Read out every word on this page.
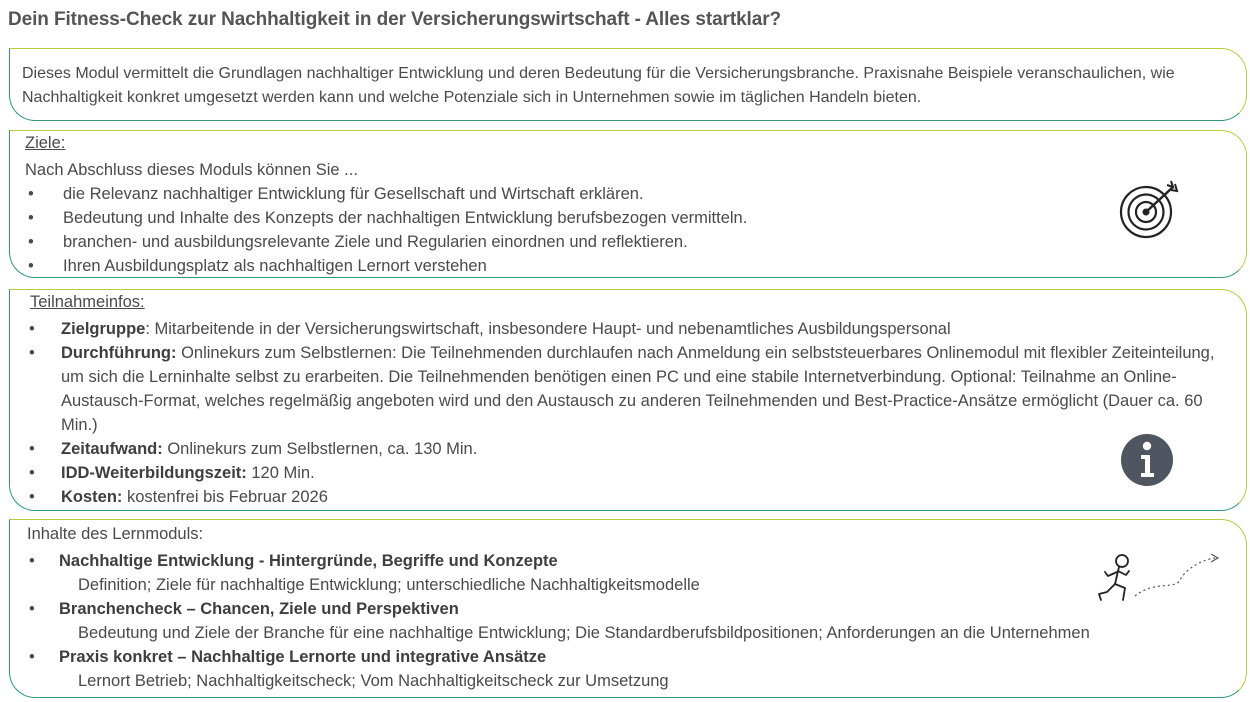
Dein Fitness-Check zur Nachhaltigkeit in der Versicherungswirtschaft - Alles startklar?
Dieses Modul vermittelt die Grundlagen nachhaltiger Entwicklung und deren Bedeutung für die Versicherungsbranche. Praxisnahe Beispiele veranschaulichen, wie Nachhaltigkeit konkret umgesetzt werden kann und welche Potenziale sich in Unternehmen sowie im täglichen Handeln bieten.
Ziele:
Nach Abschluss dieses Moduls können Sie ...
• die Relevanz nachhaltiger Entwicklung für Gesellschaft und Wirtschaft erklären.
• Bedeutung und Inhalte des Konzepts der nachhaltigen Entwicklung berufsbezogen vermitteln.
• branchen- und ausbildungsrelevante Ziele und Regularien einordnen und reflektieren.
• Ihren Ausbildungsplatz als nachhaltigen Lernort verstehen
Teilnahmeinfos:
• Zielgruppe: Mitarbeitende in der Versicherungswirtschaft, insbesondere Haupt- und nebenamtliches Ausbildungspersonal
• Durchführung: Onlinekurs zum Selbstlernen: Die Teilnehmenden durchlaufen nach Anmeldung ein selbststeuerbares Onlinemodul mit flexibler Zeiteinteilung, um sich die Lerninhalte selbst zu erarbeiten. Die Teilnehmenden benötigen einen PC und eine stabile Internetverbindung. Optional: Teilnahme an Online-Austausch-Format, welches regelmäßig angeboten wird und den Austausch zu anderen Teilnehmenden und Best-Practice-Ansätze ermöglicht (Dauer ca. 60 Min.)
• Zeitaufwand: Onlinekurs zum Selbstlernen, ca. 130 Min.
• IDD-Weiterbildungszeit: 120 Min.
• Kosten: kostenfrei bis Februar 2026
Inhalte des Lernmoduls:
• Nachhaltige Entwicklung - Hintergründe, Begriffe und Konzepte
Definition; Ziele für nachhaltige Entwicklung; unterschiedliche Nachhaltigkeitsmodelle
• Branchencheck – Chancen, Ziele und Perspektiven
Bedeutung und Ziele der Branche für eine nachhaltige Entwicklung; Die Standardberufsbildpositionen; Anforderungen an die Unternehmen
• Praxis konkret – Nachhaltige Lernorte und integrative Ansätze
Lernort Betrieb; Nachhaltigkeitscheck; Vom Nachhaltigkeitscheck zur Umsetzung
